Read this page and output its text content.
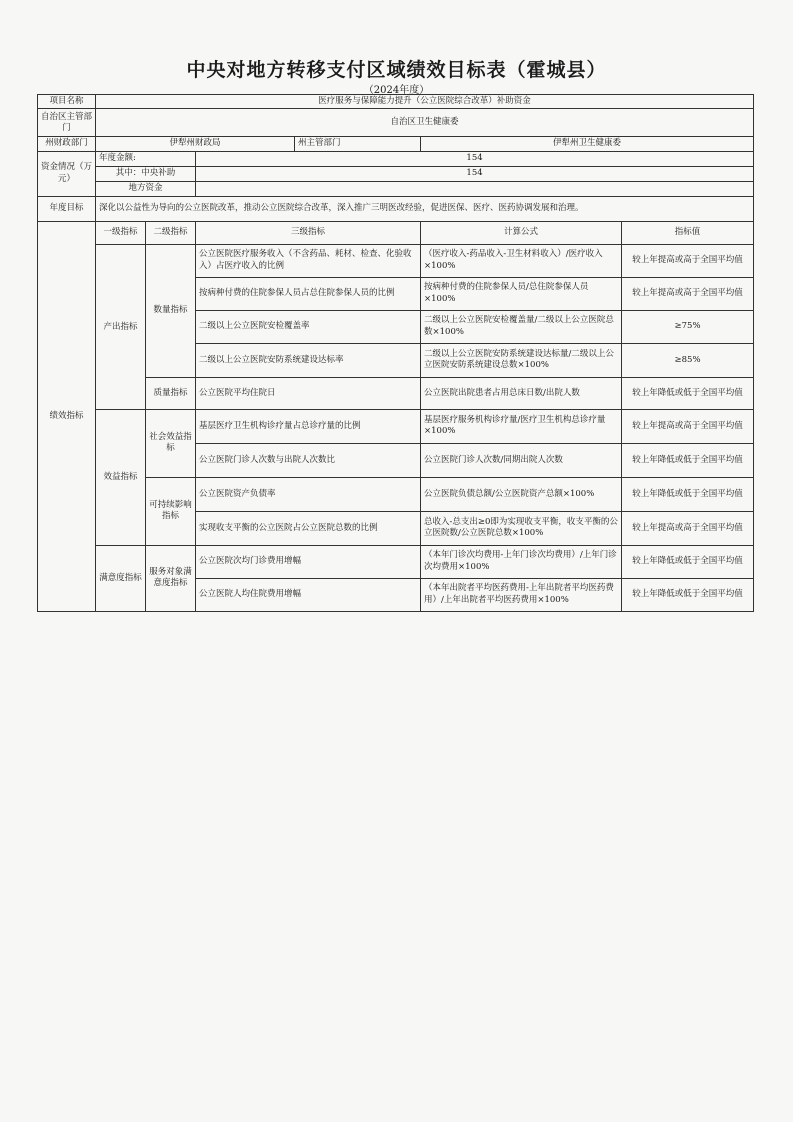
中央对地方转移支付区域绩效目标表（霍城县）
（2024年度）
项目名称	医疗服务与保障能力提升（公立医院综合改革）补助资金					
自治区主管部门	自治区卫生健康委					
州财政部门	伊犁州财政局			州主管部门	伊犁州卫生健康委	
资金情况（万元）	年度金额:		154			
	其中：中央补助		154			
	地方资金					
年度目标	深化以公益性为导向的公立医院改革，推动公立医院综合改革，深入推广三明医改经验，促进医保、医疗、医药协调发展和治理。					
绩效指标	一级指标	二级指标	三级指标		计算公式	指标值
	产出指标	数量指标	公立医院医疗服务收入（不含药品、耗材、检查、化验收入）占医疗收入的比例		（医疗收入-药品收入-卫生材料收入）/医疗收入×100%	较上年提高或高于全国平均值
			按病种付费的住院参保人员占总住院参保人员的比例		按病种付费的住院参保人员/总住院参保人员×100%	较上年提高或高于全国平均值
			二级以上公立医院安检覆盖率		二级以上公立医院安检覆盖量/二级以上公立医院总数×100%	≥75%
			二级以上公立医院安防系统建设达标率		二级以上公立医院安防系统建设达标量/二级以上公立医院安防系统建设总数×100%	≥85%
		质量指标	公立医院平均住院日		公立医院出院患者占用总床日数/出院人数	较上年降低或低于全国平均值
	效益指标	社会效益指标	基层医疗卫生机构诊疗量占总诊疗量的比例		基层医疗服务机构诊疗量/医疗卫生机构总诊疗量×100%	较上年提高或高于全国平均值
			公立医院门诊人次数与出院人次数比		公立医院门诊人次数/同期出院人次数	较上年降低或低于全国平均值
		可持续影响指标	公立医院资产负债率		公立医院负债总额/公立医院资产总额×100%	较上年降低或低于全国平均值
			实现收支平衡的公立医院占公立医院总数的比例		总收入-总支出≥0即为实现收支平衡，收支平衡的公立医院数/公立医院总数×100%	较上年提高或高于全国平均值
	满意度指标	服务对象满意度指标	公立医院次均门诊费用增幅		（本年门诊次均费用-上年门诊次均费用）/上年门诊次均费用×100%	较上年降低或低于全国平均值
			公立医院人均住院费用增幅		（本年出院者平均医药费用-上年出院者平均医药费用）/上年出院者平均医药费用×100%	较上年降低或低于全国平均值
